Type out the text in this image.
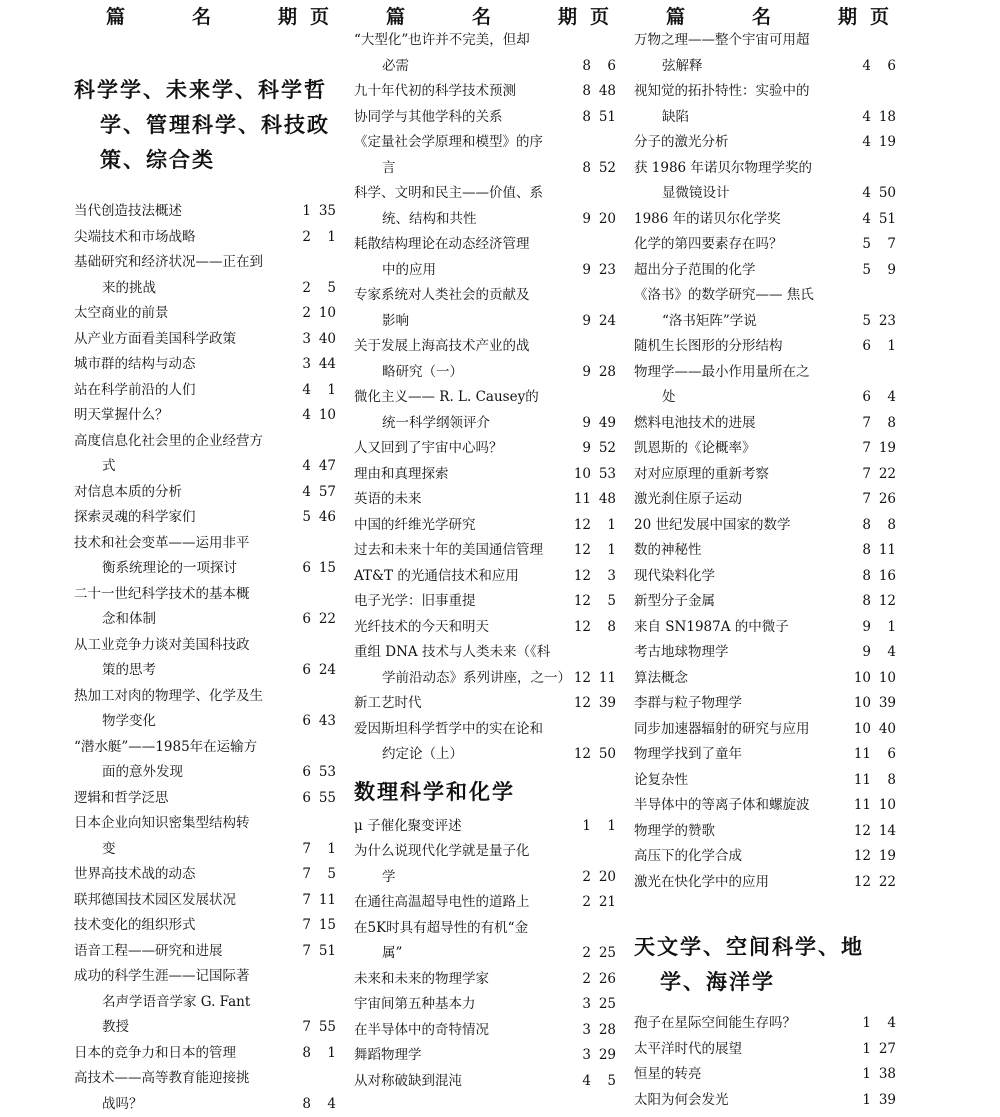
篇	名	期 页
科学学、未来学、科学哲学、管理科学、科技政策、综合类
当代创造技法概述	1 35
尖端技术和市场战略	2	1
基础研究和经济状况——正在到
来的挑战	2	5
太空商业的前景	2 10
从产业方面看美国科学政策	3 40
城市群的结构与动态	3 44
站在科学前沿的人们	4	1
明天掌握什么？	4 10
高度信息化社会里的企业经营方
式	4 47
对信息本质的分析	4 57
探索灵魂的科学家们	5 46
技术和社会变革——运用非平
衡系统理论的一项探讨	6 15
二十一世纪科学技术的基本概
念和体制	6 22
从工业竞争力谈对美国科技政
策的思考	6 24
热加工对肉的物理学、化学及生
物学变化	6 43
“潜水艇”——1985年在运输方
面的意外发现	6 53
逻辑和哲学泛思	6 55
日本企业向知识密集型结构转
变	7	1
世界高技术战的动态	7	5
联邦德国技术园区发展状况	7 11
技术变化的组织形式	7 15
语音工程——研究和进展	7 51
成功的科学生涯——记国际著
名声学语音学家 G. Fant
教授	7 55
日本的竞争力和日本的管理	8	1
高技术——高等教育能迎接挑
战吗？	8	4
篇	名	期 页
“大型化”也许并不完美，但却
必需	8	6
九十年代初的科学技术预测	8 48
协同学与其他学科的关系	8 51
《定量社会学原理和模型》的序
言	8 52
科学、文明和民主——价值、系
统、结构和共性	9 20
耗散结构理论在动态经济管理
中的应用	9 23
专家系统对人类社会的贡献及
影响	9 24
关于发展上海高技术产业的战
略研究（一）	9 28
微化主义—— R. L. Causey的
统一科学纲领评介	9 49
人又回到了宇宙中心吗？	9 52
理由和真理探索	10 53
英语的未来	11 48
中国的纤维光学研究	12	1
过去和未来十年的美国通信管理	12	1
AT&T 的光通信技术和应用	12	3
电子光学：旧事重提	12	5
光纤技术的今天和明天	12	8
重组 DNA 技术与人类未来（《科
学前沿动态》系列讲座，之一） 12 11
新工艺时代	12 39
爱因斯坦科学哲学中的实在论和
约定论（上）	12 50
数理科学和化学
μ 子催化聚变评述	1	1
为什么说现代化学就是量子化
学	2 20
在通往高温超导电性的道路上	2 21
在5K时具有超导性的有机“金
属”	2 25
未来和未来的物理学家	2 26
宇宙间第五种基本力	3 25
在半导体中的奇特情况	3 28
舞蹈物理学	3 29
从对称破缺到混沌	4	5
篇	名	期 页
万物之理——整个宇宙可用超
弦解释	4	6
视知觉的拓扑特性：实验中的
缺陷	4 18
分子的激光分析	4 19
获 1986 年诺贝尔物理学奖的
显微镜设计	4 50
1986 年的诺贝尔化学奖	4 51
化学的第四要素存在吗？	5	7
超出分子范围的化学	5	9
《洛书》的数学研究—— 焦氏
“洛书矩阵”学说	5 23
随机生长图形的分形结构	6	1
物理学——最小作用量所在之
处	6	4
燃料电池技术的进展	7	8
凯恩斯的《论概率》	7 19
对对应原理的重新考察	7 22
激光刹住原子运动	7 26
20 世纪发展中国家的数学	8	8
数的神秘性	8 11
现代染料化学	8 16
新型分子金属	8 12
来自 SN1987A 的中微子	9	1
考古地球物理学	9	4
算法概念	10 10
李群与粒子物理学	10 39
同步加速器辐射的研究与应用	10 40
物理学找到了童年	11	6
论复杂性	11	8
半导体中的等离子体和螺旋波	11 10
物理学的赞歌	12 14
高压下的化学合成	12 19
激光在快化学中的应用	12 22
天文学、空间科学、地学、海洋学
孢子在星际空间能生存吗？	1	4
太平洋时代的展望	1 27
恒星的转亮	1 38
太阳为何会发光	1 39
